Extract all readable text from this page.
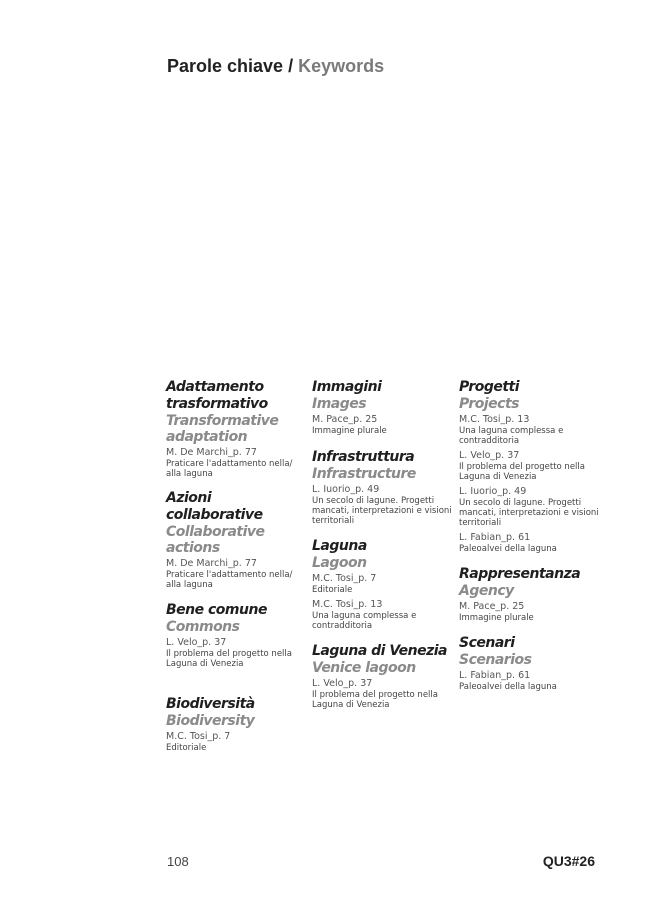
Parole chiave / Keywords
Adattamento trasformativo
Transformative adaptation
M. De Marchi_p. 77
Praticare l'adattamento nella/ alla laguna
Azioni collaborative
Collaborative actions
M. De Marchi_p. 77
Praticare l'adattamento nella/ alla laguna
Bene comune
Commons
L. Velo_p. 37
Il problema del progetto nella Laguna di Venezia
Biodiversità
Biodiversity
M.C. Tosi_p. 7
Editoriale
Immagini
Images
M. Pace_p. 25
Immagine plurale
Infrastruttura
Infrastructure
L. Iuorio_p. 49
Un secolo di lagune. Progetti mancati, interpretazioni e visioni territoriali
Laguna
Lagoon
M.C. Tosi_p. 7
Editoriale
M.C. Tosi_p. 13
Una laguna complessa e contradditoria
Laguna di Venezia
Venice lagoon
L. Velo_p. 37
Il problema del progetto nella Laguna di Venezia
Progetti
Projects
M.C. Tosi_p. 13
Una laguna complessa e contradditoria
L. Velo_p. 37
Il problema del progetto nella Laguna di Venezia
L. Iuorio_p. 49
Un secolo di lagune. Progetti mancati, interpretazioni e visioni territoriali
L. Fabian_p. 61
Paleoalvei della laguna
Rappresentanza
Agency
M. Pace_p. 25
Immagine plurale
Scenari
Scenarios
L. Fabian_p. 61
Paleoalvei della laguna
108	QU3#26
